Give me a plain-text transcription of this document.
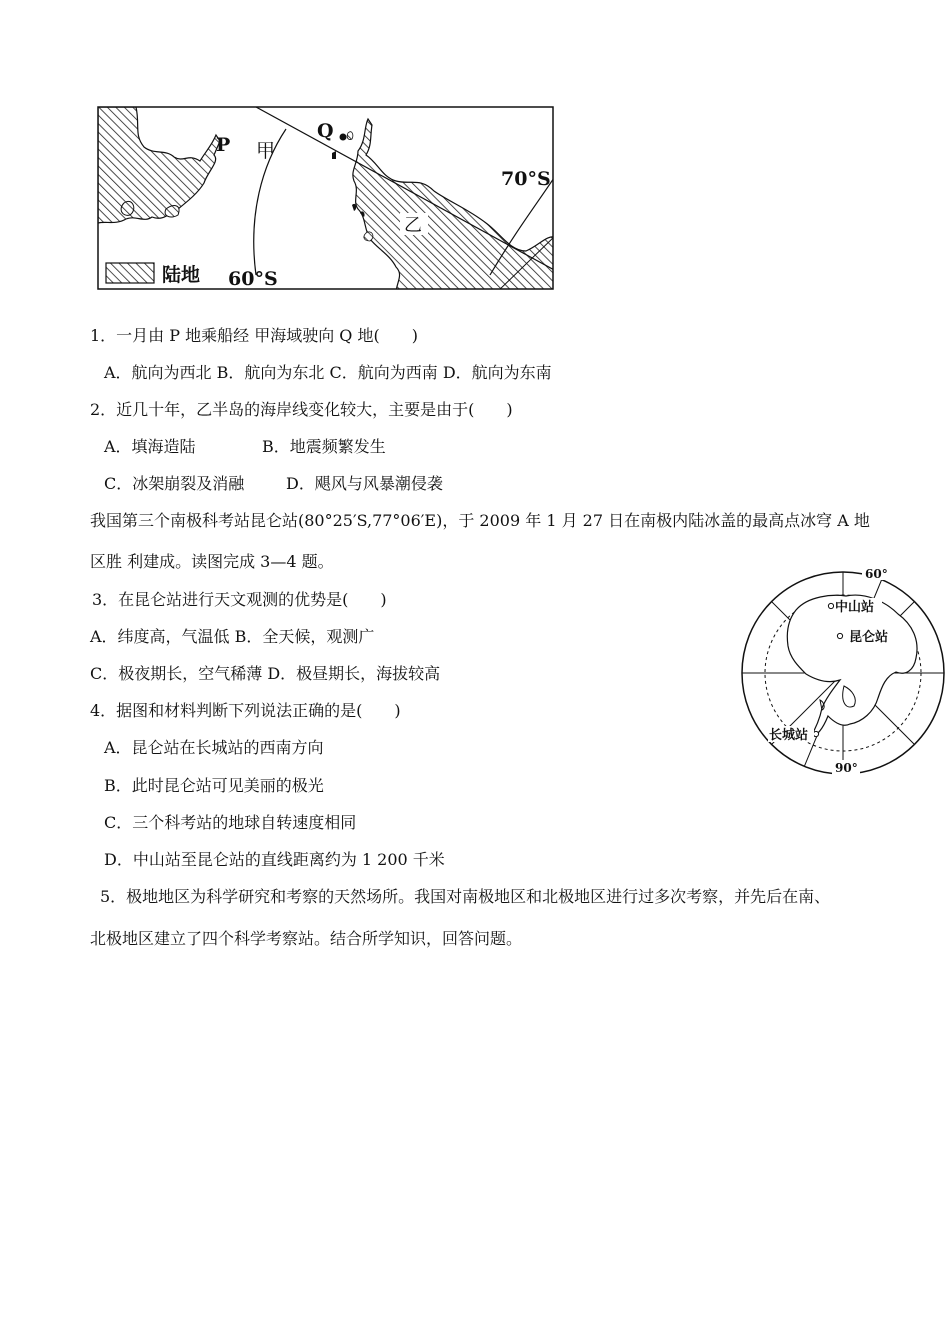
P 甲
Q
70°S
乙
陆地 60°S
1．一月由 P 地乘船经 甲海域驶向 Q 地(　　)
A．航向为西北 B．航向为东北 C．航向为西南 D．航向为东南
2．近几十年，乙半岛的海岸线变化较大，主要是由于(　　)
A．填海造陆	B．地震频繁发生
C．冰架崩裂及消融	D．飓风与风暴潮侵袭
我国第三个南极科考站昆仑站(80°25′S,77°06′E)，于 2009 年 1 月 27 日在南极内陆冰盖的最高点冰穹 A 地
区胜 利建成。读图完成 3—4 题。
3．在昆仑站进行天文观测的优势是(　　)
A．纬度高，气温低 B．全天候，观测广
C．极夜期长，空气稀薄 D．极昼期长，海拔较高
4．据图和材料判断下列说法正确的是(　　)
A．昆仑站在长城站的西南方向
B．此时昆仑站可见美丽的极光
C．三个科考站的地球自转速度相同
D．中山站至昆仑站的直线距离约为 1 200 千米
5．极地地区为科学研究和考察的天然场所。我国对南极地区和北极地区进行过多次考察，并先后在南、
北极地区建立了四个科学考察站。结合所学知识，回答问题。
60°
中山站
昆仑站
长城站
90°
